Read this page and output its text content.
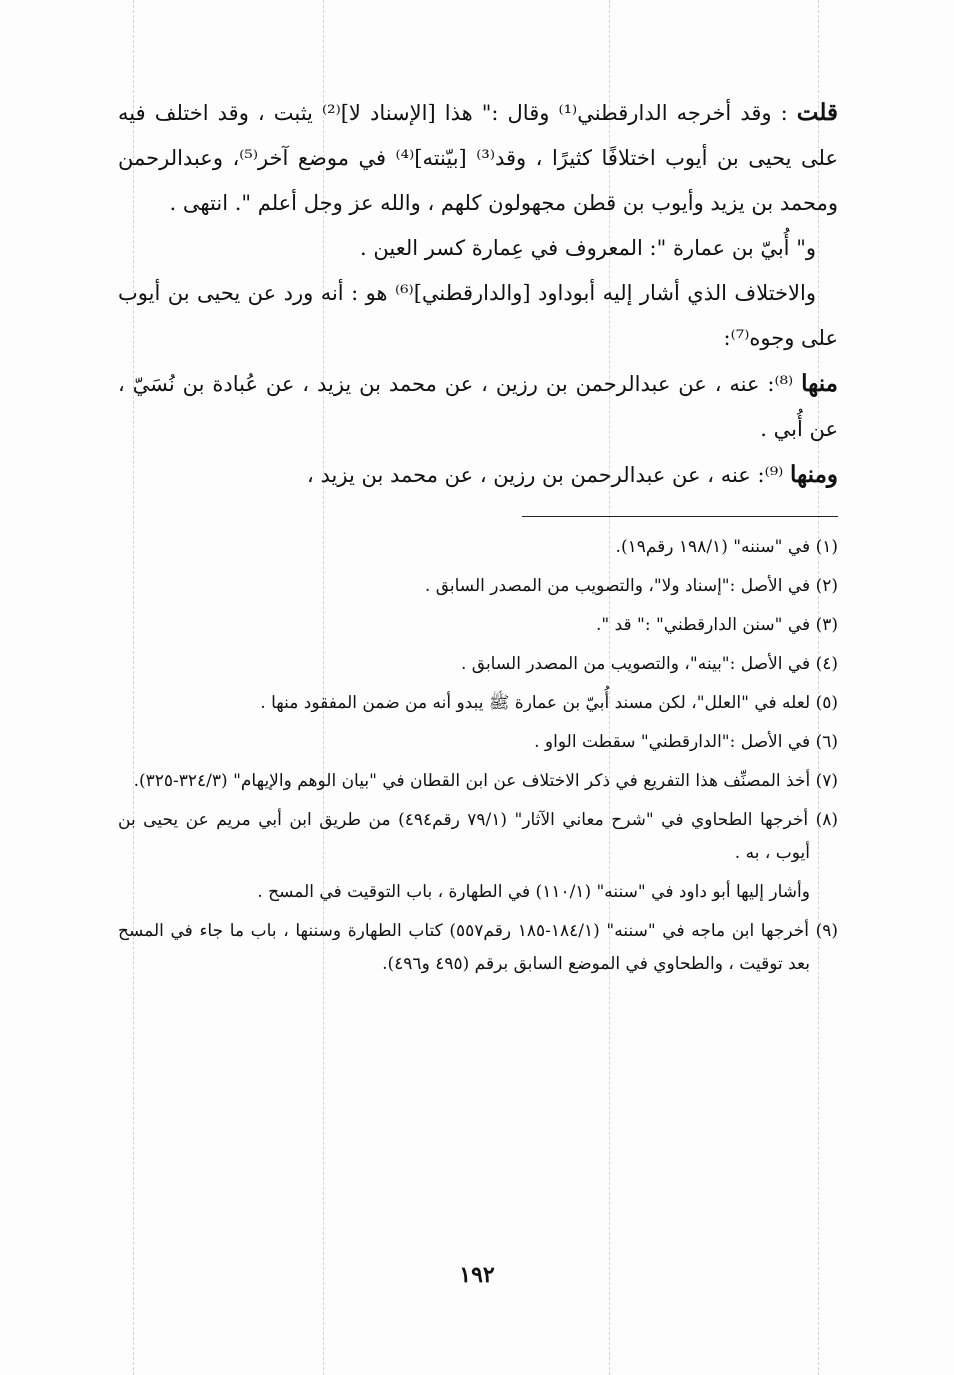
قلت : وقد أخرجه الدارقطني⁽¹⁾ وقال :" هذا [الإسناد لا]⁽²⁾ يثبت ، وقد اختلف فيه على يحيى بن أيوب اختلافًا كثيرًا ، وقد⁽³⁾ [بيّنته]⁽⁴⁾ في موضع آخر⁽⁵⁾، وعبدالرحمن ومحمد بن يزيد وأيوب بن قطن مجهولون كلهم ، والله عز وجل أعلم ". انتهى .

و" أُبيّ بن عمارة ": المعروف في عِمارة كسر العين .

والاختلاف الذي أشار إليه أبوداود [والدارقطني]⁽⁶⁾ هو : أنه ورد عن يحيى بن أيوب على وجوه⁽⁷⁾:

منها ⁽⁸⁾: عنه ، عن عبدالرحمن بن رزين ، عن محمد بن يزيد ، عن عُبادة بن نُسَيّ ، عن أُبي .

ومنها ⁽⁹⁾: عنه ، عن عبدالرحمن بن رزين ، عن محمد بن يزيد ،

(١) في "سننه" (١٩٨/١ رقم١٩).

(٢) في الأصل :"إسناد ولا"، والتصويب من المصدر السابق .

(٣) في "سنن الدارقطني" :" قد ".

(٤) في الأصل :"بينه"، والتصويب من المصدر السابق .

(٥) لعله في "العلل"، لكن مسند أُبيّ بن عمارة ﷺ يبدو أنه من ضمن المفقود منها .

(٦) في الأصل :"الدارقطني" سقطت الواو .

(٧) أخذ المصنِّف هذا التفريع في ذكر الاختلاف عن ابن القطان في "بيان الوهم والإيهام" (٣٢٤/٣-٣٢٥).

(٨) أخرجها الطحاوي في "شرح معاني الآثار" (٧٩/١ رقم٤٩٤) من طريق ابن أبي مريم عن يحيى بن أيوب ، به .

وأشار إليها أبو داود في "سننه" (١١٠/١) في الطهارة ، باب التوقيت في المسح .

(٩) أخرجها ابن ماجه في "سننه" (١٨٤/١-١٨٥ رقم٥٥٧) كتاب الطهارة وسننها ، باب ما جاء في المسح بعد توقيت ، والطحاوي في الموضع السابق برقم (٤٩٥ و٤٩٦).

١٩٢
